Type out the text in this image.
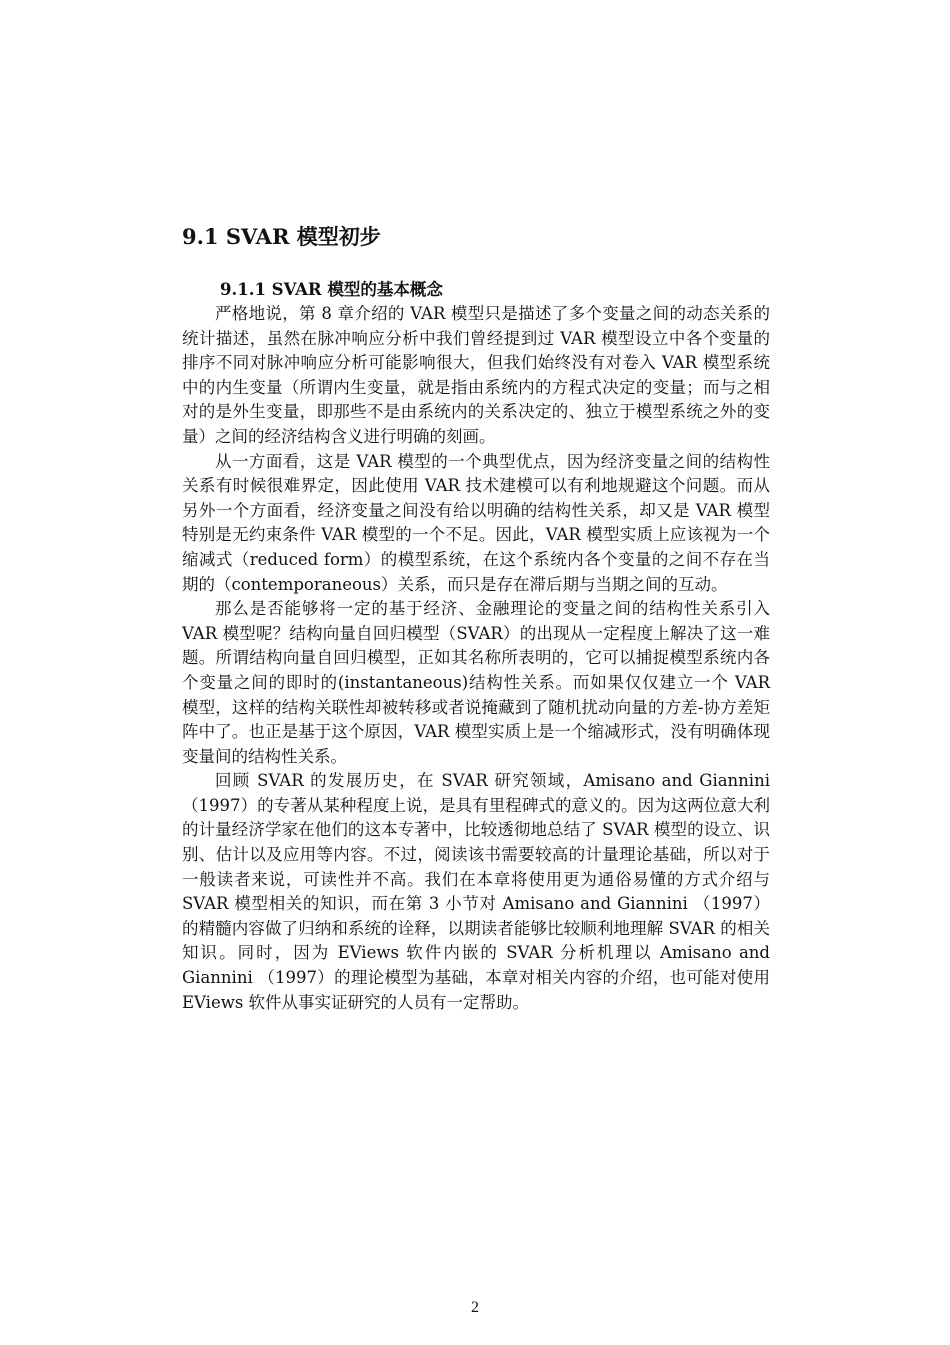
9.1 SVAR 模型初步
9.1.1 SVAR 模型的基本概念

严格地说，第 8 章介绍的 VAR 模型只是描述了多个变量之间的动态关系的统计描述，虽然在脉冲响应分析中我们曾经提到过 VAR 模型设立中各个变量的排序不同对脉冲响应分析可能影响很大，但我们始终没有对卷入 VAR 模型系统中的内生变量（所谓内生变量，就是指由系统内的方程式决定的变量；而与之相对的是外生变量，即那些不是由系统内的关系决定的、独立于模型系统之外的变量）之间的经济结构含义进行明确的刻画。

从一方面看，这是 VAR 模型的一个典型优点，因为经济变量之间的结构性关系有时候很难界定，因此使用 VAR 技术建模可以有利地规避这个问题。而从另外一个方面看，经济变量之间没有给以明确的结构性关系，却又是 VAR 模型特别是无约束条件 VAR 模型的一个不足。因此，VAR 模型实质上应该视为一个缩减式（reduced form）的模型系统，在这个系统内各个变量的之间不存在当期的（contemporaneous）关系，而只是存在滞后期与当期之间的互动。

那么是否能够将一定的基于经济、金融理论的变量之间的结构性关系引入 VAR 模型呢？结构向量自回归模型（SVAR）的出现从一定程度上解决了这一难题。所谓结构向量自回归模型，正如其名称所表明的，它可以捕捉模型系统内各个变量之间的即时的(instantaneous)结构性关系。而如果仅仅建立一个 VAR 模型，这样的结构关联性却被转移或者说掩藏到了随机扰动向量的方差-协方差矩阵中了。也正是基于这个原因，VAR 模型实质上是一个缩减形式，没有明确体现变量间的结构性关系。

回顾 SVAR 的发展历史，在 SVAR 研究领域，Amisano and Giannini （1997）的专著从某种程度上说，是具有里程碑式的意义的。因为这两位意大利的计量经济学家在他们的这本专著中，比较透彻地总结了 SVAR 模型的设立、识别、估计以及应用等内容。不过，阅读该书需要较高的计量理论基础，所以对于一般读者来说，可读性并不高。我们在本章将使用更为通俗易懂的方式介绍与 SVAR 模型相关的知识，而在第 3 小节对 Amisano and Giannini （1997）的精髓内容做了归纳和系统的诠释，以期读者能够比较顺利地理解 SVAR 的相关知识。同时，因为 EViews 软件内嵌的 SVAR 分析机理以 Amisano and Giannini （1997）的理论模型为基础，本章对相关内容的介绍，也可能对使用 EViews 软件从事实证研究的人员有一定帮助。

2
